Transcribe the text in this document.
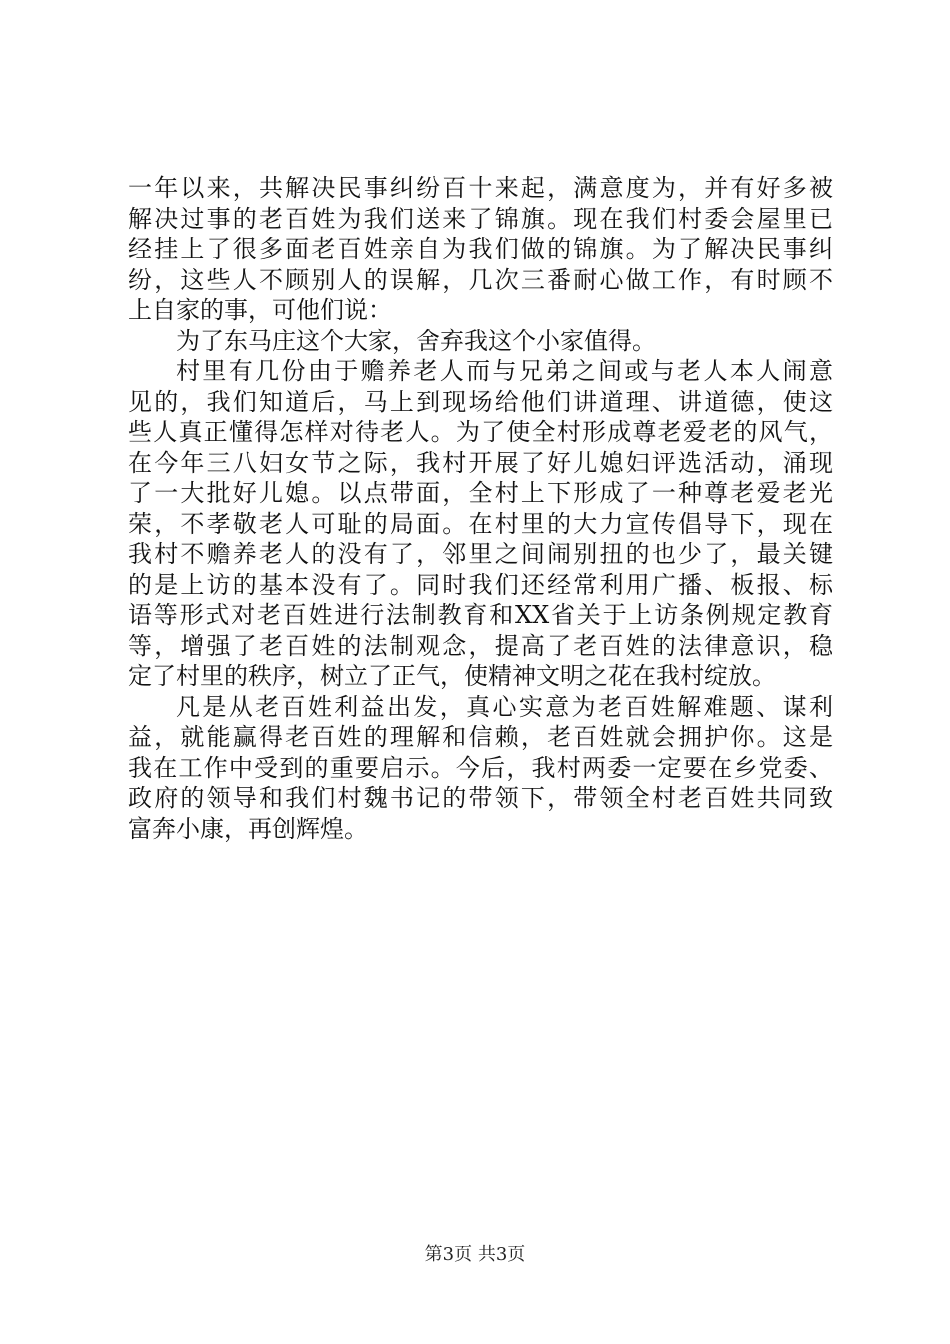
一年以来，共解决民事纠纷百十来起，满意度为，并有好多被
解决过事的老百姓为我们送来了锦旗。现在我们村委会屋里已
经挂上了很多面老百姓亲自为我们做的锦旗。为了解决民事纠
纷，这些人不顾别人的误解，几次三番耐心做工作，有时顾不
上自家的事，可他们说：
为了东马庄这个大家，舍弃我这个小家值得。
村里有几份由于赡养老人而与兄弟之间或与老人本人闹意
见的，我们知道后，马上到现场给他们讲道理、讲道德，使这
些人真正懂得怎样对待老人。为了使全村形成尊老爱老的风气，
在今年三八妇女节之际，我村开展了好儿媳妇评选活动，涌现
了一大批好儿媳。以点带面，全村上下形成了一种尊老爱老光
荣，不孝敬老人可耻的局面。在村里的大力宣传倡导下，现在
我村不赡养老人的没有了，邻里之间闹别扭的也少了，最关键
的是上访的基本没有了。同时我们还经常利用广播、板报、标
语等形式对老百姓进行法制教育和XX省关于上访条例规定教育
等，增强了老百姓的法制观念，提高了老百姓的法律意识，稳
定了村里的秩序，树立了正气，使精神文明之花在我村绽放。
凡是从老百姓利益出发，真心实意为老百姓解难题、谋利
益，就能赢得老百姓的理解和信赖，老百姓就会拥护你。这是
我在工作中受到的重要启示。今后，我村两委一定要在乡党委、
政府的领导和我们村魏书记的带领下，带领全村老百姓共同致
富奔小康，再创辉煌。
第3页 共3页
